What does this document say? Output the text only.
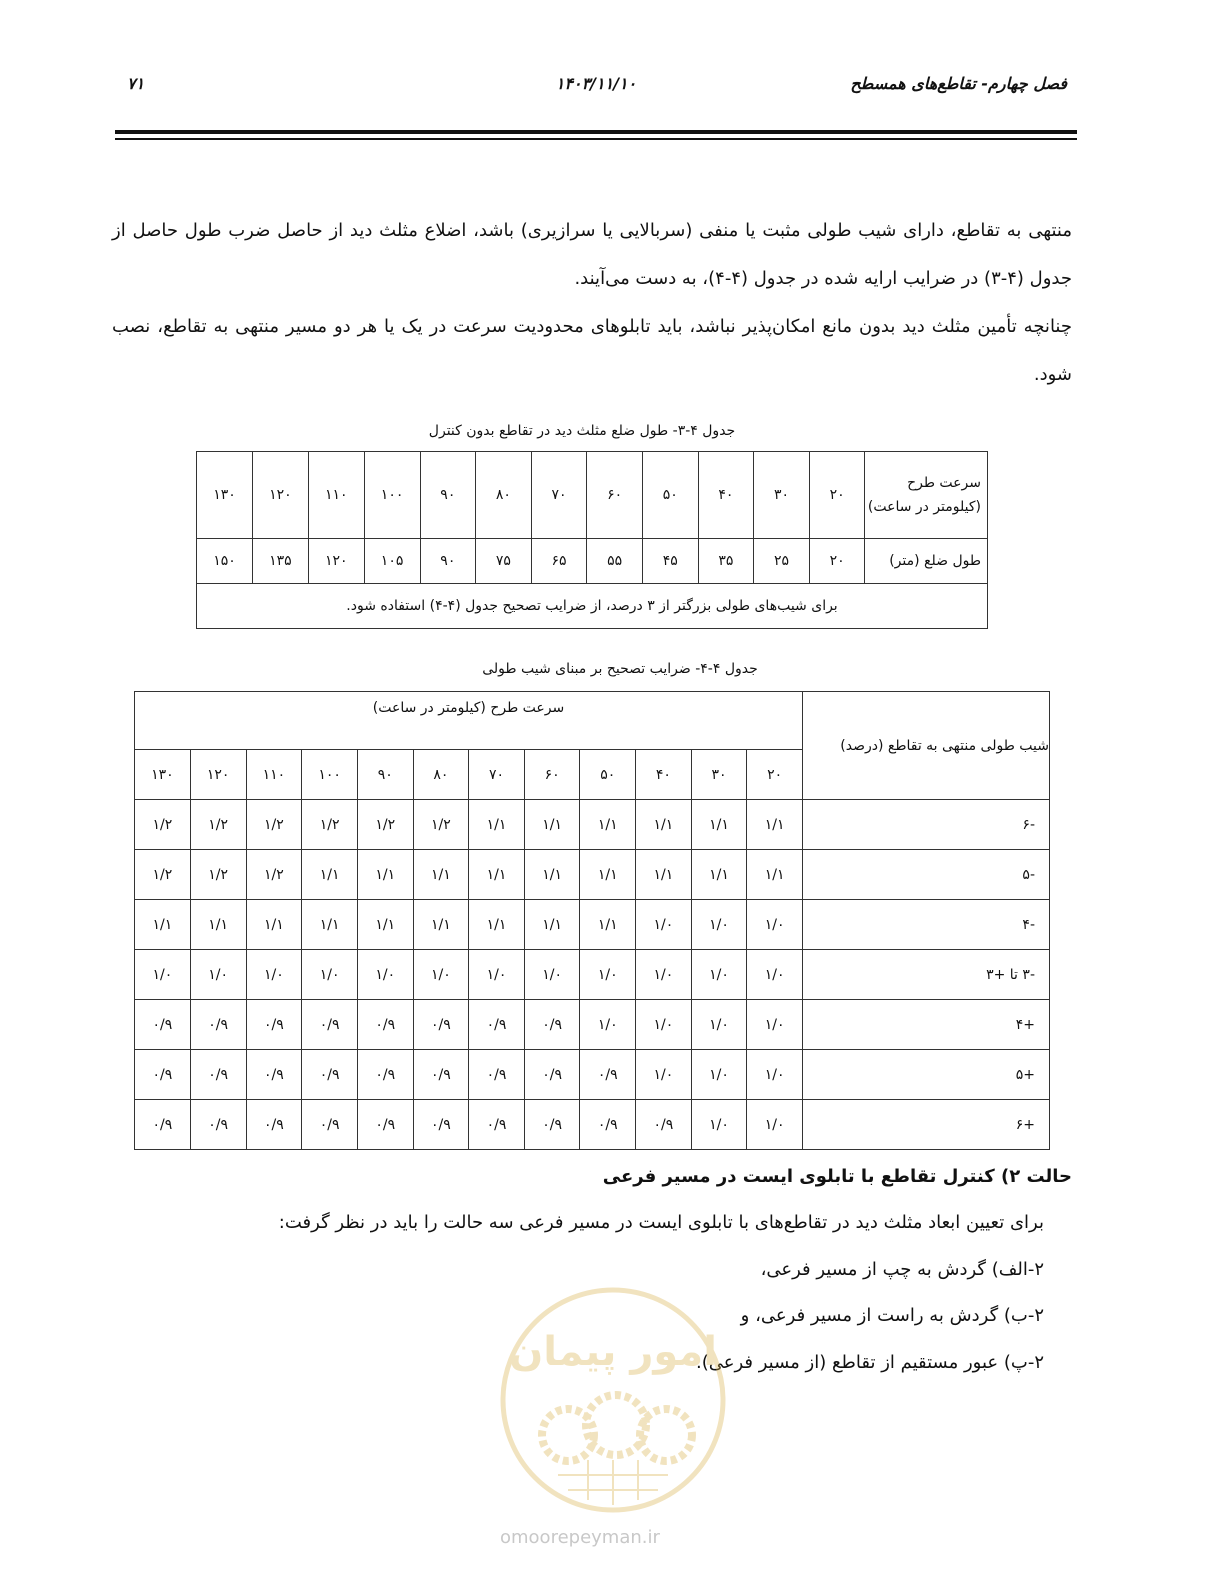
فصل چهارم- تقاطع‌های همسطح
۱۴۰۳/۱۱/۱۰
۷۱

منتهی به تقاطع، دارای شیب طولی مثبت یا منفی (سربالایی یا سرازیری) باشد، اضلاع مثلث دید از حاصل ضرب طول حاصل از جدول (۴-۳) در ضرایب ارایه شده در جدول (۴-۴)، به دست می‌آیند.

چنانچه تأمین مثلث دید بدون مانع امکان‌پذیر نباشد، باید تابلوهای محدودیت سرعت در یک یا هر دو مسیر منتهی به تقاطع، نصب شود.

جدول ۴-۳- طول ضلع مثلث دید در تقاطع بدون کنترل
سرعت طرح (کیلومتر در ساعت)	۲۰	۳۰	۴۰	۵۰	۶۰	۷۰	۸۰	۹۰	۱۰۰	۱۱۰	۱۲۰	۱۳۰
طول ضلع (متر)	۲۰	۲۵	۳۵	۴۵	۵۵	۶۵	۷۵	۹۰	۱۰۵	۱۲۰	۱۳۵	۱۵۰
برای شیب‌های طولی بزرگتر از ۳ درصد، از ضرایب تصحیح جدول (۴-۴) استفاده شود.												
جدول ۴-۴- ضرایب تصحیح بر مبنای شیب طولی
شیب طولی منتهی به تقاطع (درصد)	سرعت طرح (کیلومتر در ساعت)											
	۲۰	۳۰	۴۰	۵۰	۶۰	۷۰	۸۰	۹۰	۱۰۰	۱۱۰	۱۲۰	۱۳۰
-۶	۱/۱	۱/۱	۱/۱	۱/۱	۱/۱	۱/۱	۱/۲	۱/۲	۱/۲	۱/۲	۱/۲	۱/۲
-۵	۱/۱	۱/۱	۱/۱	۱/۱	۱/۱	۱/۱	۱/۱	۱/۱	۱/۱	۱/۲	۱/۲	۱/۲
-۴	۱/۰	۱/۰	۱/۰	۱/۱	۱/۱	۱/۱	۱/۱	۱/۱	۱/۱	۱/۱	۱/۱	۱/۱
-۳ تا +۳	۱/۰	۱/۰	۱/۰	۱/۰	۱/۰	۱/۰	۱/۰	۱/۰	۱/۰	۱/۰	۱/۰	۱/۰
+۴	۱/۰	۱/۰	۱/۰	۱/۰	۰/۹	۰/۹	۰/۹	۰/۹	۰/۹	۰/۹	۰/۹	۰/۹
+۵	۱/۰	۱/۰	۱/۰	۰/۹	۰/۹	۰/۹	۰/۹	۰/۹	۰/۹	۰/۹	۰/۹	۰/۹
+۶	۱/۰	۱/۰	۰/۹	۰/۹	۰/۹	۰/۹	۰/۹	۰/۹	۰/۹	۰/۹	۰/۹	۰/۹
حالت ۲) کنترل تقاطع با تابلوی ایست در مسیر فرعی
برای تعیین ابعاد مثلث دید در تقاطع‌های با تابلوی ایست در مسیر فرعی سه حالت را باید در نظر گرفت:
۲-الف) گردش به چپ از مسیر فرعی،
۲-ب) گردش به راست از مسیر فرعی، و
۲-پ) عبور مستقیم از تقاطع (از مسیر فرعی).
امور پیمان
omoorepeyman.ir
